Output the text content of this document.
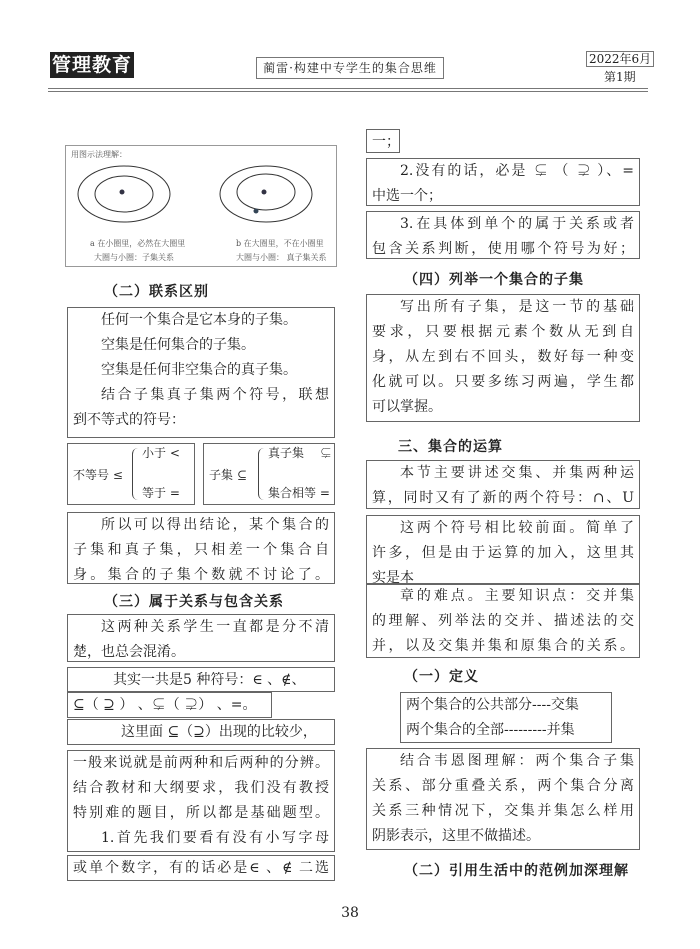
管理教育	蔺雷·构建中专学生的集合思维
2022年6月
第1期
用图示法理解：
a 在小圈里，必然在大圈里
大圈与小圈：子集关系
b 在大圈里，不在小圈里
大圈与小圈： 真子集关系
（二）联系区别
任何一个集合是它本身的子集。
空集是任何集合的子集。
空集是任何非空集合的真子集。
结合子集真子集两个符号，联想
到不等式的符号：
不等号 ≤
小于 <
等于 =
子集 ⊆
真子集　 ⊊
集合相等 =
所以可以得出结论，某个集合的
子集和真子集，只相差一个集合自
身。集合的子集个数就不讨论了。
（三）属于关系与包含关系
这两种关系学生一直都是分不清
楚，也总会混淆。
其实一共是5 种符号：∈ 、∉、
⊆（ ⊇ ） 、⊊（ ⊋） 、=。
这里面 ⊆（⊇）出现的比较少，
一般来说就是前两种和后两种的分辨。
结合教材和大纲要求，我们没有教授
特别难的题目，所以都是基础题型。
1.首先我们要看有没有小写字母
或单个数字，有的话必是∈ 、∉ 二选
一；
2.没有的话，必是 ⊊ （ ⊋ ）、=
中选一个；
3.在具体到单个的属于关系或者
包含关系判断，使用哪个符号为好；
（四）列举一个集合的子集
写出所有子集，是这一节的基础
要求，只要根据元素个数从无到自
身，从左到右不回头，数好每一种变
化就可以。只要多练习两遍，学生都
可以掌握。
三、集合的运算
本节主要讲述交集、并集两种运
算，同时又有了新的两个符号：∩、U
这两个符号相比较前面。简单了
许多，但是由于运算的加入，这里其
实是本
章的难点。主要知识点：交并集
的理解、列举法的交并、描述法的交
并，以及交集并集和原集合的关系。
（一）定义
两个集合的公共部分----交集
两个集合的全部---------并集
结合韦恩图理解：两个集合子集
关系、部分重叠关系，两个集合分离
关系三种情况下，交集并集怎么样用
阴影表示，这里不做描述。
（二）引用生活中的范例加深理解
38
